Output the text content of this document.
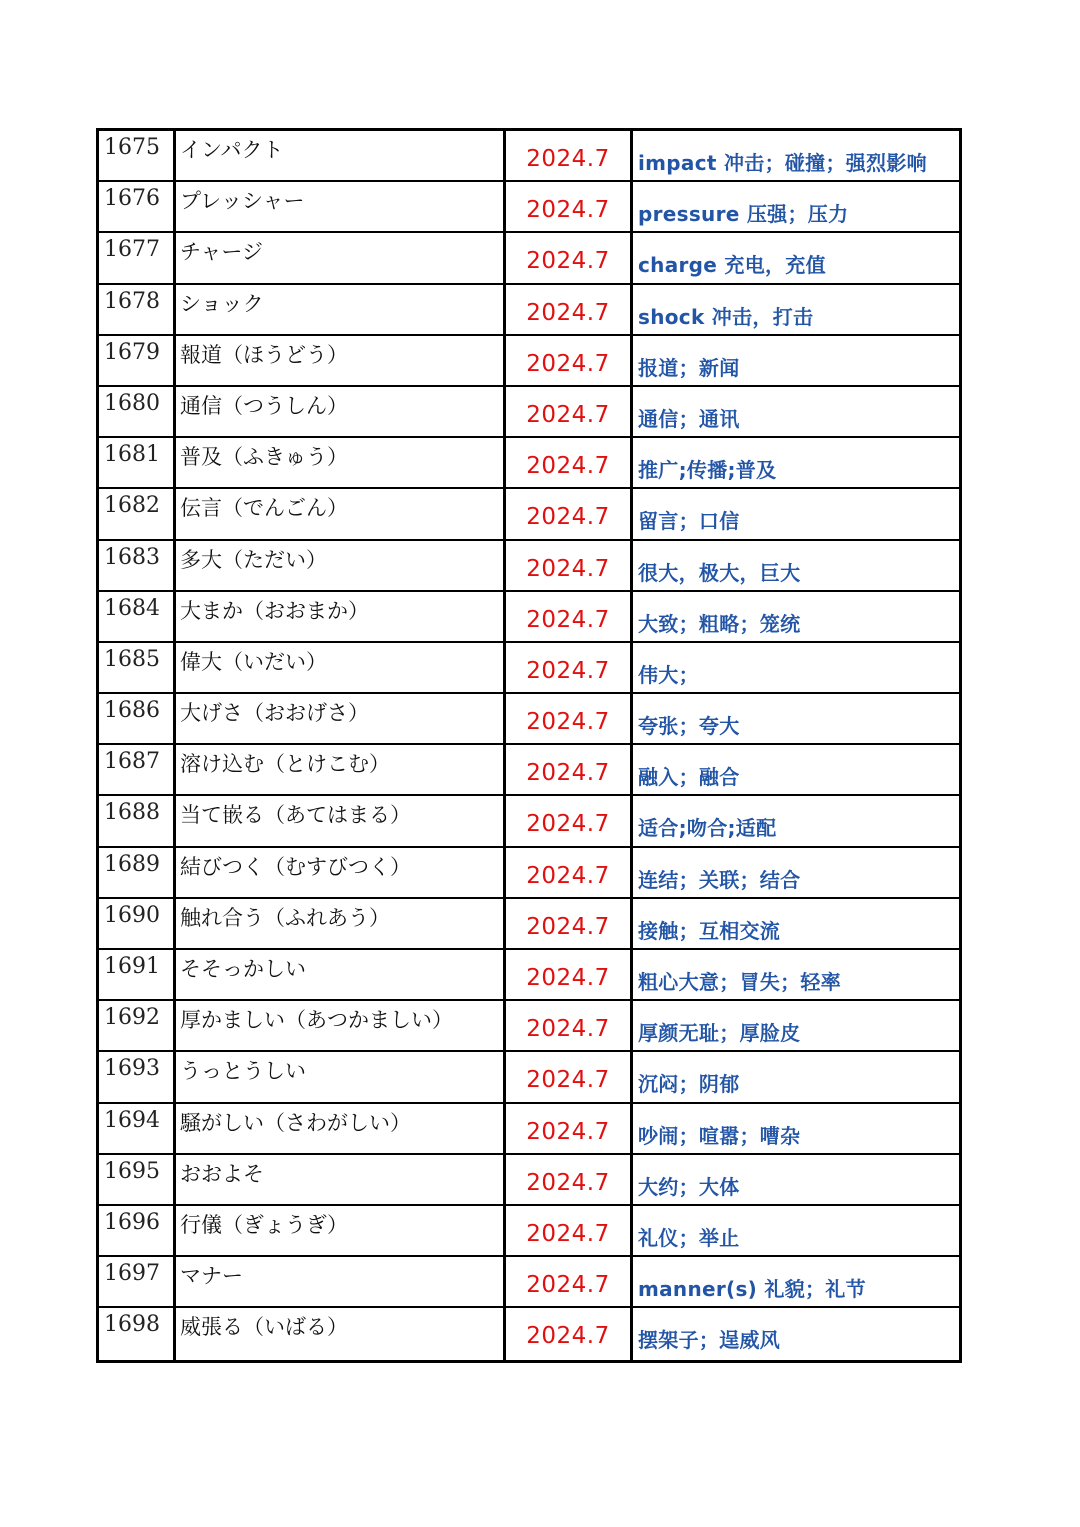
1675 インパクト	2024.7	impact 冲击；碰撞；强烈影响
1676 プレッシャー	2024.7	pressure 压强；压力
1677 チャージ	2024.7	charge 充电，充值
1678 ショック	2024.7	shock 冲击，打击
1679 報道（ほうどう）	2024.7	报道；新闻
1680 通信（つうしん）	2024.7	通信；通讯
1681 普及（ふきゅう）	2024.7	推广;传播;普及
1682 伝言（でんごん）	2024.7	留言；口信
1683 多大（ただい）	2024.7	很大，极大，巨大
1684 大まか（おおまか）	2024.7	大致；粗略；笼统
1685 偉大（いだい）	2024.7	伟大；
1686 大げさ（おおげさ）	2024.7	夸张；夸大
1687 溶け込む（とけこむ）	2024.7	融入；融合
1688 当て嵌る（あてはまる）	2024.7	适合;吻合;适配
1689 結びつく（むすびつく）	2024.7	连结；关联；结合
1690 触れ合う（ふれあう）	2024.7	接触；互相交流
1691 そそっかしい	2024.7	粗心大意；冒失；轻率
1692 厚かましい（あつかましい）	2024.7	厚颜无耻；厚脸皮
1693 うっとうしい	2024.7	沉闷；阴郁
1694 騒がしい（さわがしい）	2024.7	吵闹；喧嚣；嘈杂
1695 おおよそ	2024.7	大约；大体
1696 行儀（ぎょうぎ）	2024.7	礼仪；举止
1697 マナー	2024.7	manner(s) 礼貌；礼节
1698 威張る（いばる）	2024.7	摆架子；逞威风
